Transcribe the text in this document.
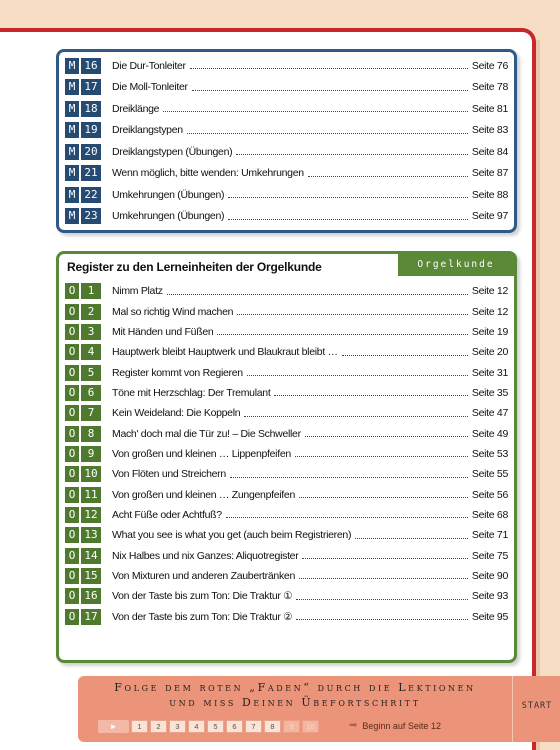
M 16	Die Dur-Tonleiter	Seite 76
M 17	Die Moll-Tonleiter	Seite 78
M 18	Dreiklänge	Seite 81
M 19	Dreiklangstypen	Seite 83
M 20	Dreiklangstypen (Übungen)	Seite 84
M 21	Wenn möglich, bitte wenden: Umkehrungen	Seite 87
M 22	Umkehrungen (Übungen)	Seite 88
M 23	Umkehrungen (Übungen)	Seite 97
Register zu den Lerneinheiten der Orgelkunde	Orgelkunde
O	1	Nimm Platz	Seite 12
O	2	Mal so richtig Wind machen	Seite 12
O	3	Mit Händen und Füßen	Seite 19
O	4	Hauptwerk bleibt Hauptwerk und Blaukraut bleibt …	Seite 20
O	5	Register kommt von Regieren	Seite 31
O	6	Töne mit Herzschlag: Der Tremulant	Seite 35
O	7	Kein Weideland: Die Koppeln	Seite 47
O	8	Mach' doch mal die Tür zu! – Die Schweller	Seite 49
O	9	Von großen und kleinen … Lippenpfeifen	Seite 53
O 10	Von Flöten und Streichern	Seite 55
O 11	Von großen und kleinen … Zungenpfeifen	Seite 56
O 12	Acht Füße oder Achtfuß?	Seite 68
O 13	What you see is what you get (auch beim Registrieren)	Seite 71
O 14	Nix Halbes und nix Ganzes: Aliquotregister	Seite 75
O 15	Von Mixturen und anderen Zaubertränken	Seite 90
O 16	Von der Taste bis zum Ton: Die Traktur ①	Seite 93
O 17	Von der Taste bis zum Ton: Die Traktur ②	Seite 95
Folge dem roten „Faden“ durch die Lektionen
und miss Deinen Übefortschritt
►	1	2	3	4	5	6	7	8	9	10	➡ Beginn auf Seite 12
START
